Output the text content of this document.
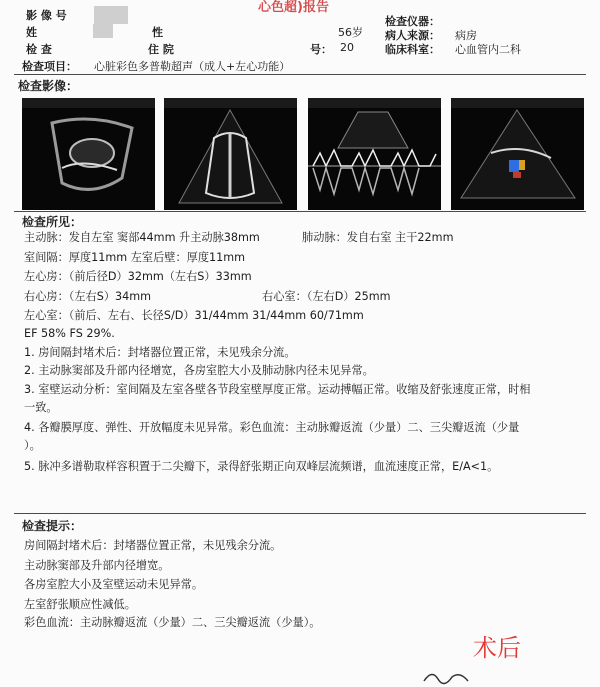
心色超)报告
影 像 号	检查仪器：
姓	性	56岁 病人来源： 病房
检 查	住 院	号： 20	临床科室： 心血管内二科
检查项目： 心脏彩色多普勒超声（成人+左心功能）
检查影像：
检查所见：
主动脉：发自左室 窦部44mm 升主动脉38mm	肺动脉：发自右室 主干22mm
室间隔：厚度11mm 左室后壁：厚度11mm
左心房：（前后径D）32mm（左右S）33mm
右心房：（左右S）34mm	右心室：（左右D）25mm
左心室：（前后、左右、长径S/D）31/44mm 31/44mm 60/71mm
EF 58% FS 29%.
1. 房间隔封堵术后：封堵器位置正常，未见残余分流。
2. 主动脉窦部及升部内径增宽，各房室腔大小及肺动脉内径未见异常。
3. 室壁运动分析：室间隔及左室各壁各节段室壁厚度正常。运动搏幅正常。收缩及舒张速度正常，时相
一致。
4. 各瓣膜厚度、弹性、开放幅度未见异常。彩色血流：主动脉瓣返流（少量）二、三尖瓣返流（少量
）。
5. 脉冲多谱勒取样容积置于二尖瓣下，录得舒张期正向双峰层流频谱，血流速度正常，E/A<1。
检查提示：
房间隔封堵术后：封堵器位置正常，未见残余分流。
主动脉窦部及升部内径增宽。
各房室腔大小及室壁运动未见异常。
左室舒张顺应性减低。
彩色血流：主动脉瓣返流（少量）二、三尖瓣返流（少量）。
术后
